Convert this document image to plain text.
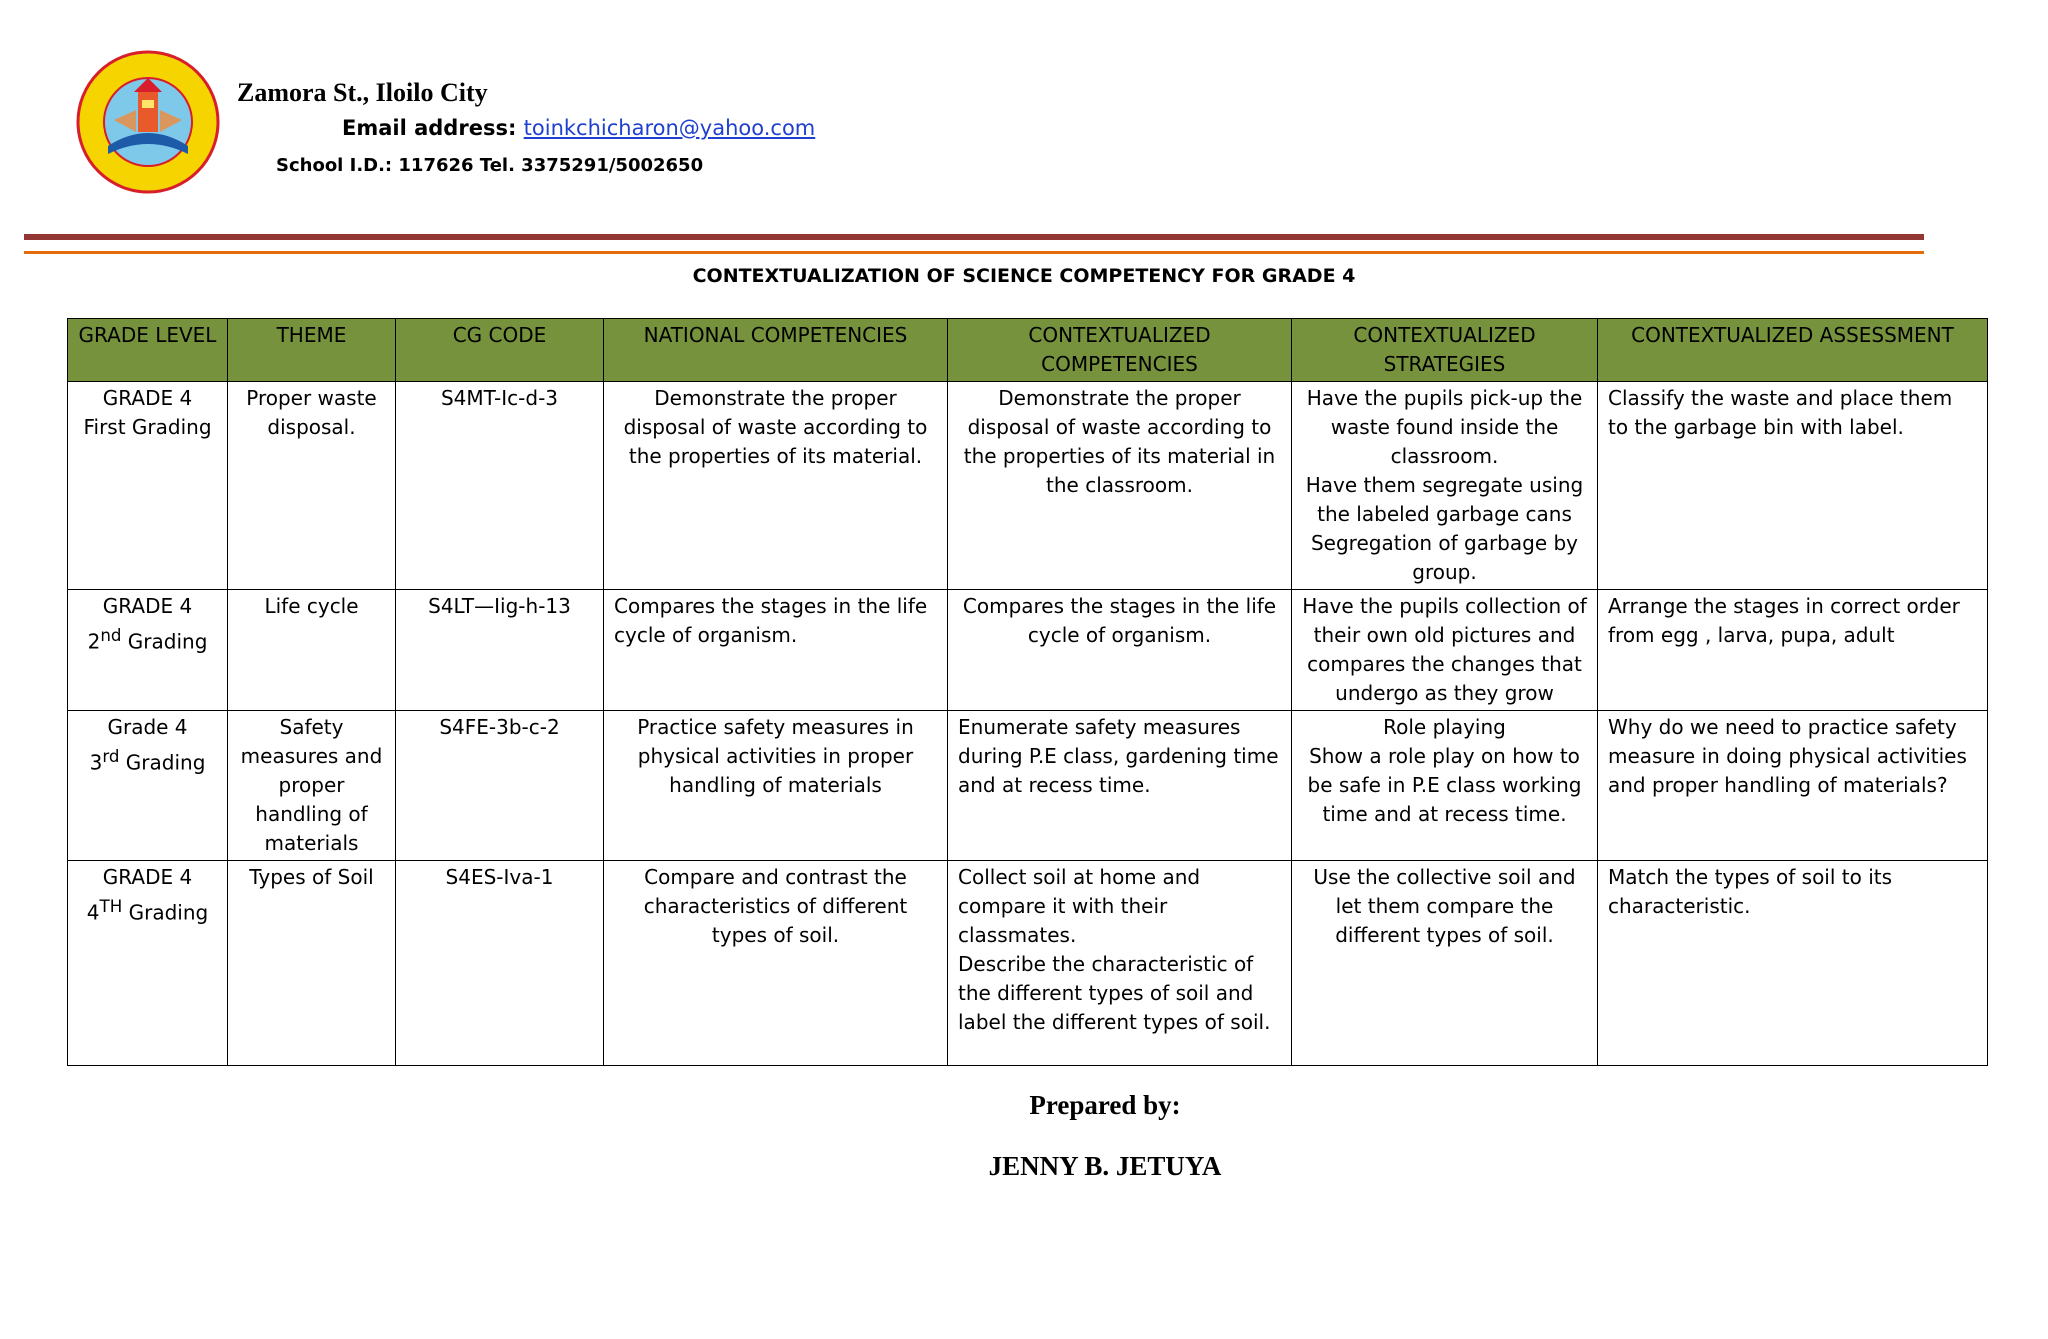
Zamora St., Iloilo City
Email address: toinkchicharon@yahoo.com
School I.D.: 117626 Tel. 3375291/5002650
CONTEXTUALIZATION OF SCIENCE COMPETENCY FOR GRADE 4
GRADE LEVEL	THEME	CG CODE	NATIONAL COMPETENCIES	CONTEXTUALIZED COMPETENCIES	CONTEXTUALIZED STRATEGIES	CONTEXTUALIZED ASSESSMENT

GRADE 4
First Grading	Proper waste disposal.	S4MT-Ic-d-3	Demonstrate the proper disposal of waste according to the properties of its material.	Demonstrate the proper disposal of waste according to the properties of its material in the classroom.	Have the pupils pick-up the waste found inside the classroom.
Have them segregate using the labeled garbage cans
Segregation of garbage by group.	Classify the waste and place them to the garbage bin with label.

GRADE 4
2nd Grading	Life cycle	S4LT—Iig-h-13	Compares the stages in the life cycle of organism.	Compares the stages in the life cycle of organism.	Have the pupils collection of their own old pictures and compares the changes that undergo as they grow	Arrange the stages in correct order from egg , larva, pupa, adult

Grade 4
3rd Grading	Safety measures and proper handling of materials	S4FE-3b-c-2	Practice safety measures in physical activities in proper handling of materials	Enumerate safety measures during P.E class, gardening time and at recess time.	Role playing
Show a role play on how to be safe in P.E class working time and at recess time.	Why do we need to practice safety measure in doing physical activities and proper handling of materials?

GRADE 4
4TH Grading	Types of Soil	S4ES-Iva-1	Compare and contrast the characteristics of different types of soil.	Collect soil at home and compare it with their classmates.
Describe the characteristic of the different types of soil and label the different types of soil.	Use the collective soil and let them compare the different types of soil.	Match the types of soil to its characteristic.
Prepared by:
JENNY B. JETUYA
